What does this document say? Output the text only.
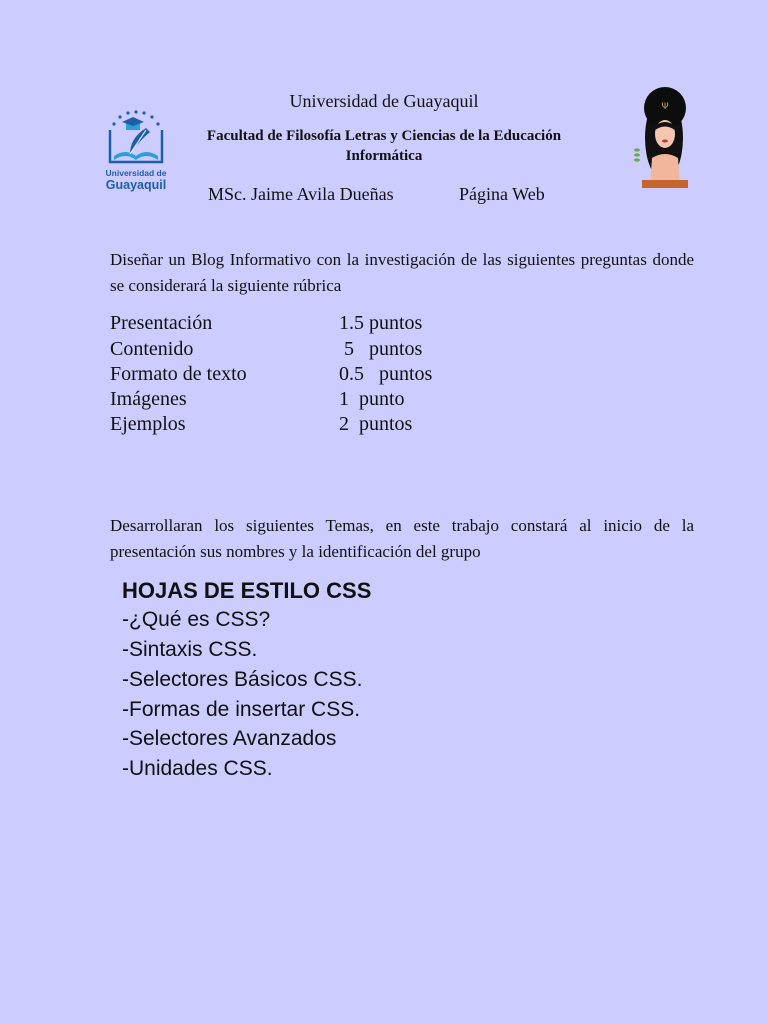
Universidad de
Guayaquil
Ψ
Universidad de Guayaquil
Facultad de Filosofía Letras y Ciencias de la Educación
Informática
MSc. Jaime Avila Dueñas	Página Web
Diseñar un Blog Informativo con la investigación de las siguientes preguntas donde se considerará la siguiente rúbrica
Presentación	1.5 puntos
Contenido	5   puntos
Formato de texto	0.5   puntos
Imágenes	1  punto
Ejemplos	2  puntos
Desarrollaran los siguientes Temas, en este trabajo constará al inicio de la presentación sus nombres y la identificación del grupo
HOJAS DE ESTILO CSS
-¿Qué es CSS?
-Sintaxis CSS.
-Selectores Básicos CSS.
-Formas de insertar CSS.
-Selectores Avanzados
-Unidades CSS.
